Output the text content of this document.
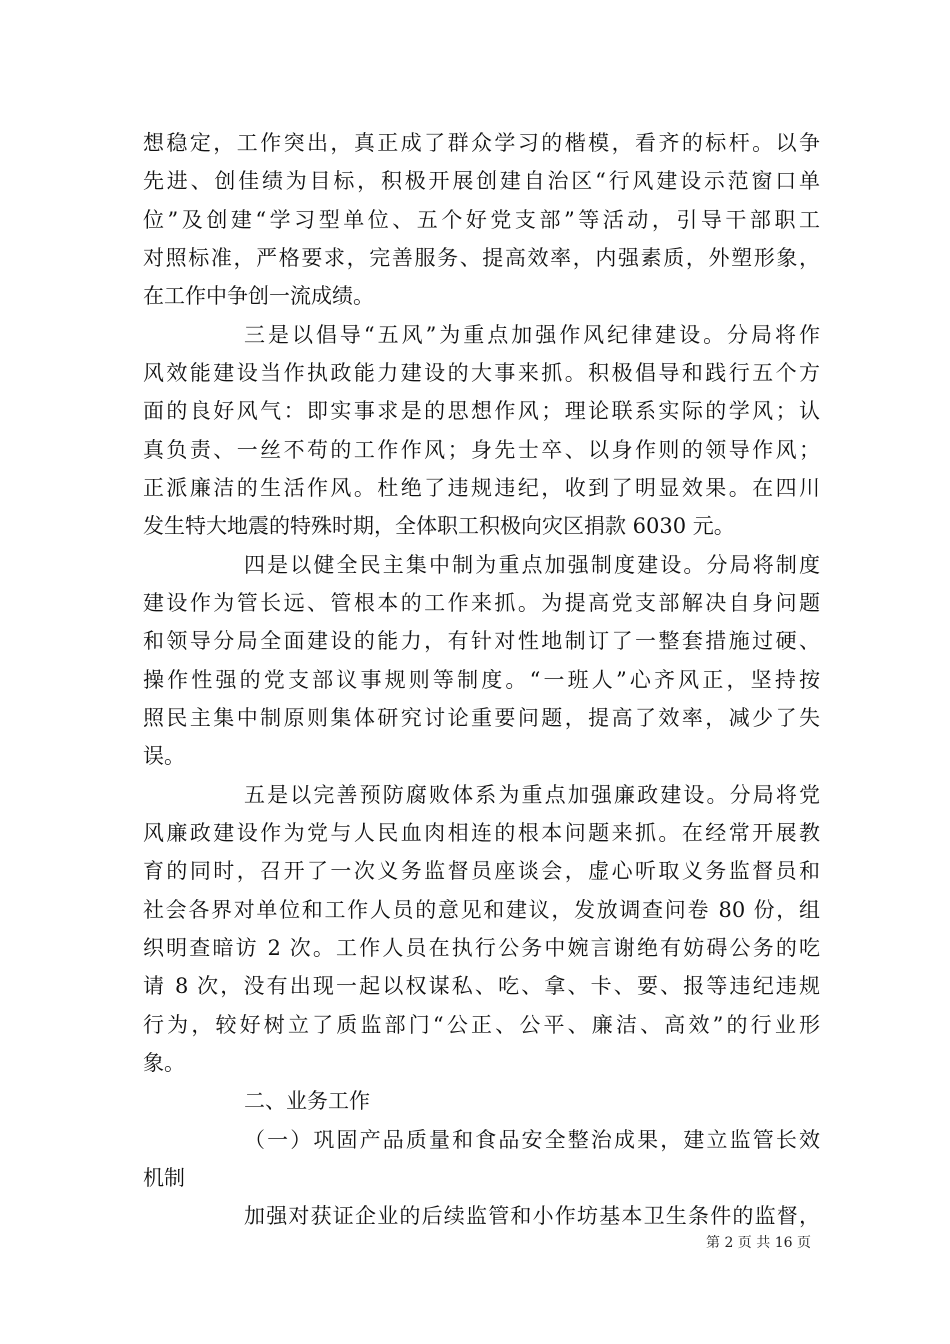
想稳定，工作突出，真正成了群众学习的楷模，看齐的标杆。以争
先进、创佳绩为目标，积极开展创建自治区“行风建设示范窗口单
位”及创建“学习型单位、五个好党支部”等活动，引导干部职工
对照标准，严格要求，完善服务、提高效率，内强素质，外塑形象，
在工作中争创一流成绩。
三是以倡导“五风”为重点加强作风纪律建设。分局将作
风效能建设当作执政能力建设的大事来抓。积极倡导和践行五个方
面的良好风气：即实事求是的思想作风；理论联系实际的学风；认
真负责、一丝不苟的工作作风；身先士卒、以身作则的领导作风；
正派廉洁的生活作风。杜绝了违规违纪，收到了明显效果。在四川
发生特大地震的特殊时期，全体职工积极向灾区捐款 6030 元。
四是以健全民主集中制为重点加强制度建设。分局将制度
建设作为管长远、管根本的工作来抓。为提高党支部解决自身问题
和领导分局全面建设的能力，有针对性地制订了一整套措施过硬、
操作性强的党支部议事规则等制度。“一班人”心齐风正，坚持按
照民主集中制原则集体研究讨论重要问题，提高了效率，减少了失
误。
五是以完善预防腐败体系为重点加强廉政建设。分局将党
风廉政建设作为党与人民血肉相连的根本问题来抓。在经常开展教
育的同时，召开了一次义务监督员座谈会，虚心听取义务监督员和
社会各界对单位和工作人员的意见和建议，发放调查问卷 80 份，组
织明查暗访 2 次。工作人员在执行公务中婉言谢绝有妨碍公务的吃
请 8 次，没有出现一起以权谋私、吃、拿、卡、要、报等违纪违规
行为，较好树立了质监部门“公正、公平、廉洁、高效”的行业形
象。
二、业务工作
（一）巩固产品质量和食品安全整治成果，建立监管长效
机制
加强对获证企业的后续监管和小作坊基本卫生条件的监督，
第 2 页 共 16 页
